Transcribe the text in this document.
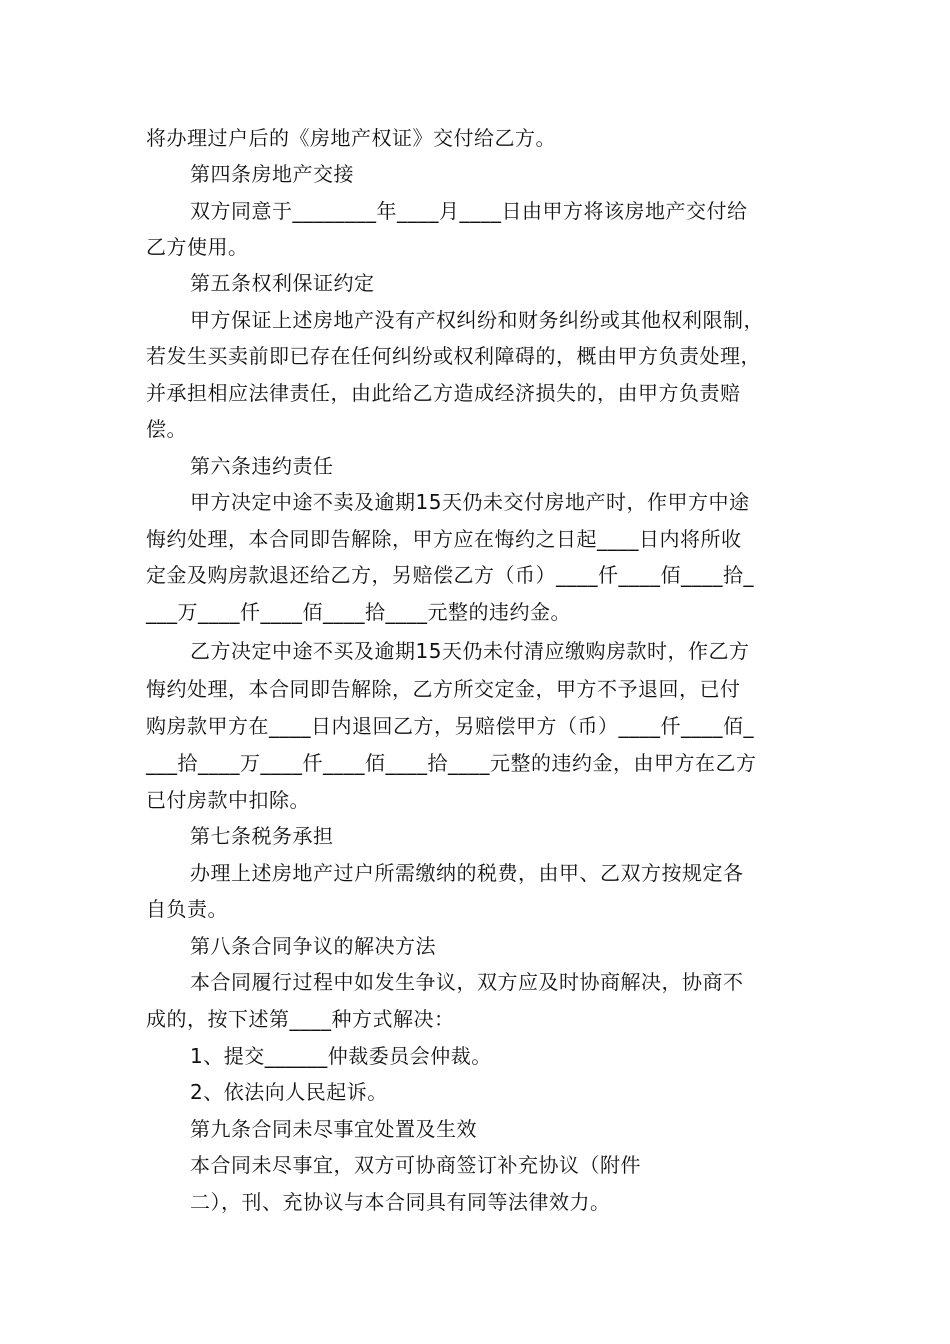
将办理过户后的《房地产权证》交付给乙方。
第四条房地产交接
双方同意于________年____月____日由甲方将该房地产交付给
乙方使用。
第五条权利保证约定
甲方保证上述房地产没有产权纠纷和财务纠纷或其他权利限制，
若发生买卖前即已存在任何纠纷或权利障碍的，概由甲方负责处理，
并承担相应法律责任，由此给乙方造成经济损失的，由甲方负责赔
偿。
第六条违约责任
甲方决定中途不卖及逾期15天仍未交付房地产时，作甲方中途
悔约处理，本合同即告解除，甲方应在悔约之日起____日内将所收
定金及购房款退还给乙方，另赔偿乙方（币）____仟____佰____拾_
___万____仟____佰____拾____元整的违约金。
乙方决定中途不买及逾期15天仍未付清应缴购房款时，作乙方
悔约处理，本合同即告解除，乙方所交定金，甲方不予退回，已付
购房款甲方在____日内退回乙方，另赔偿甲方（币）____仟____佰_
___拾____万____仟____佰____拾____元整的违约金，由甲方在乙方
已付房款中扣除。
第七条税务承担
办理上述房地产过户所需缴纳的税费，由甲、乙双方按规定各
自负责。
第八条合同争议的解决方法
本合同履行过程中如发生争议，双方应及时协商解决，协商不
成的，按下述第____种方式解决：
1、提交______仲裁委员会仲裁。
2、依法向人民起诉。
第九条合同未尽事宜处置及生效
本合同未尽事宜，双方可协商签订补充协议（附件
二），刊、充协议与本合同具有同等法律效力。
